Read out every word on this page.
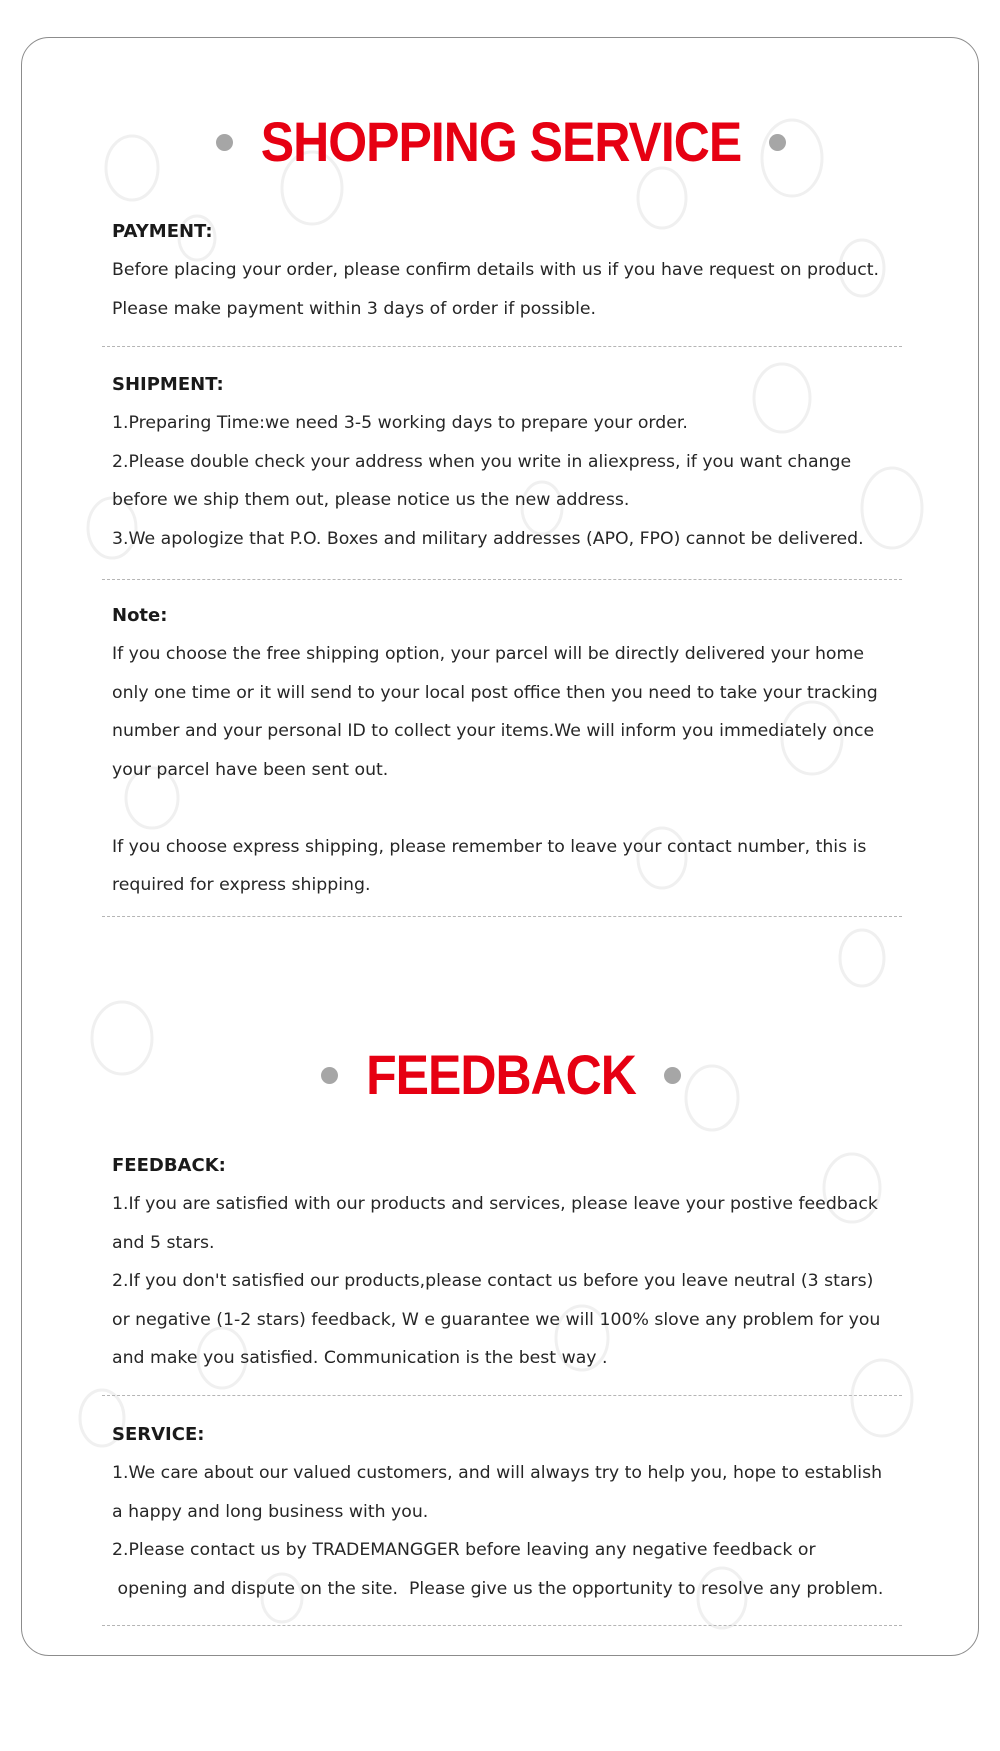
SHOPPING SERVICE

PAYMENT:

Before placing your order, please confirm details with us if you have request on product.

Please make payment within 3 days of order if possible.

SHIPMENT:

1.Preparing Time:we need 3-5 working days to prepare your order.

2.Please double check your address when you write in aliexpress, if you want change

before we ship them out, please notice us the new address.

3.We apologize that P.O. Boxes and military addresses (APO, FPO) cannot be delivered.

Note:

If you choose the free shipping option, your parcel will be directly delivered your home

only one time or it will send to your local post office then you need to take your tracking

number and your personal ID to collect your items.We will inform you immediately once

your parcel have been sent out.

If you choose express shipping, please remember to leave your contact number, this is

required for express shipping.

FEEDBACK

FEEDBACK:

1.If you are satisfied with our products and services, please leave your postive feedback

and 5 stars.

2.If you don't satisfied our products,please contact us before you leave neutral (3 stars)

or negative (1-2 stars) feedback, W e guarantee we will 100% slove any problem for you

and make you satisfied. Communication is the best way .

SERVICE:

1.We care about our valued customers, and will always try to help you, hope to establish

a happy and long business with you.

2.Please contact us by TRADEMANGGER before leaving any negative feedback or

opening and dispute on the site.  Please give us the opportunity to resolve any problem.
